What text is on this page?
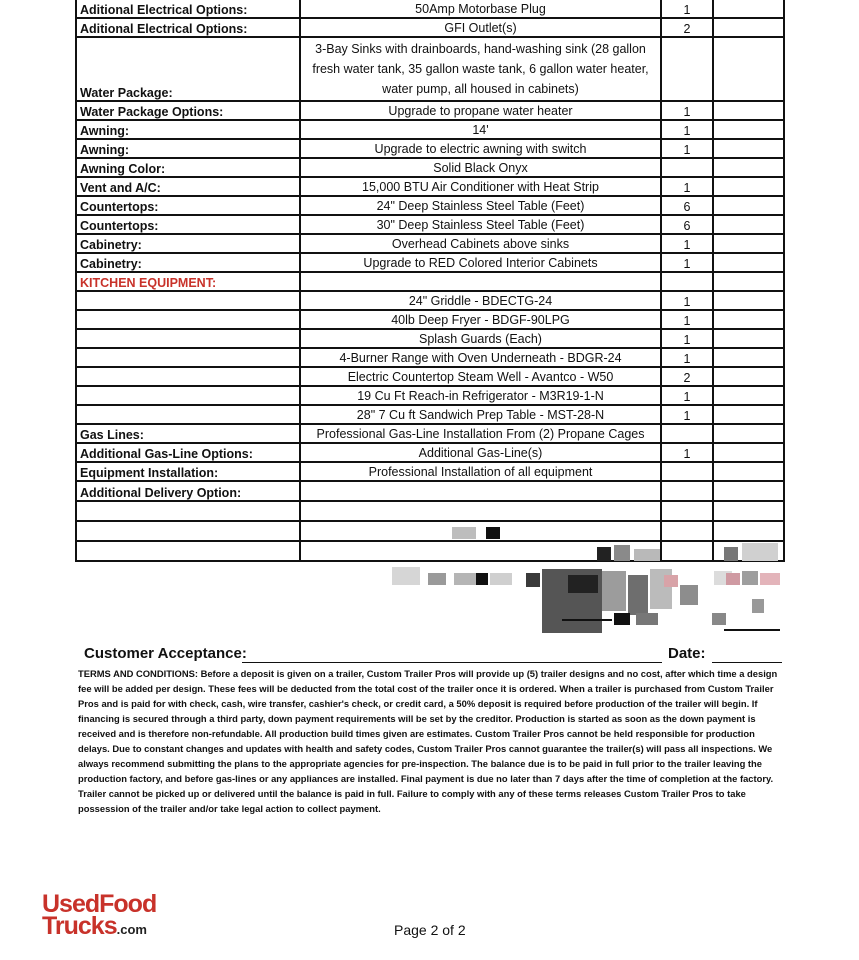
Aditional Electrical Options:	50Amp Motorbase Plug	1	
Aditional Electrical Options:	GFI Outlet(s)	2	
Water Package:	3-Bay Sinks with drainboards, hand-washing sink (28 gallon fresh water tank, 35 gallon waste tank, 6 gallon water heater, water pump, all housed in cabinets)		
Water Package Options:	Upgrade to propane water heater	1	
Awning:	14'	1	
Awning:	Upgrade to electric awning with switch	1	
Awning Color:	Solid Black Onyx		
Vent and A/C:	15,000 BTU Air Conditioner with Heat Strip	1	
Countertops:	24" Deep Stainless Steel Table (Feet)	6	
Countertops:	30" Deep Stainless Steel Table (Feet)	6	
Cabinetry:	Overhead Cabinets above sinks	1	
Cabinetry:	Upgrade to RED Colored Interior Cabinets	1	
KITCHEN EQUIPMENT:			
	24" Griddle - BDECTG-24	1	
	40lb Deep Fryer - BDGF-90LPG	1	
	Splash Guards (Each)	1	
	4-Burner Range with Oven Underneath - BDGR-24	1	
	Electric Countertop Steam Well - Avantco - W50	2	
	19 Cu Ft Reach-in Refrigerator - M3R19-1-N	1	
	28" 7 Cu ft Sandwich Prep Table - MST-28-N	1	
Gas Lines:	Professional Gas-Line Installation From (2) Propane Cages		
Additional Gas-Line Options:	Additional Gas-Line(s)	1	
Equipment Installation:	Professional Installation of all equipment		
Additional Delivery Option:			

Customer Acceptance:	Date:
TERMS AND CONDITIONS: Before a deposit is given on a trailer, Custom Trailer Pros will provide up (5) trailer designs and no cost, after which time a design fee will be added per design. These fees will be deducted from the total cost of the trailer once it is ordered. When a trailer is purchased from Custom Trailer Pros and is paid for with check, cash, wire transfer, cashier's check, or credit card, a 50% deposit is required before production of the trailer will begin. If financing is secured through a third party, down payment requirements will be set by the creditor. Production is started as soon as the down payment is received and is therefore non-refundable. All production build times given are estimates. Custom Trailer Pros cannot be held responsible for production delays. Due to constant changes and updates with health and safety codes, Custom Trailer Pros cannot guarantee the trailer(s) will pass all inspections. We always recommend submitting the plans to the appropriate agencies for pre-inspection. The balance due is to be paid in full prior to the trailer leaving the production factory, and before gas-lines or any appliances are installed. Final payment is due no later than 7 days after the time of completion at the factory. Trailer cannot be picked up or delivered until the balance is paid in full. Failure to comply with any of these terms releases Custom Trailer Pros to take possession of the trailer and/or take legal action to collect payment.
UsedFood
Trucks.com	Page 2 of 2
